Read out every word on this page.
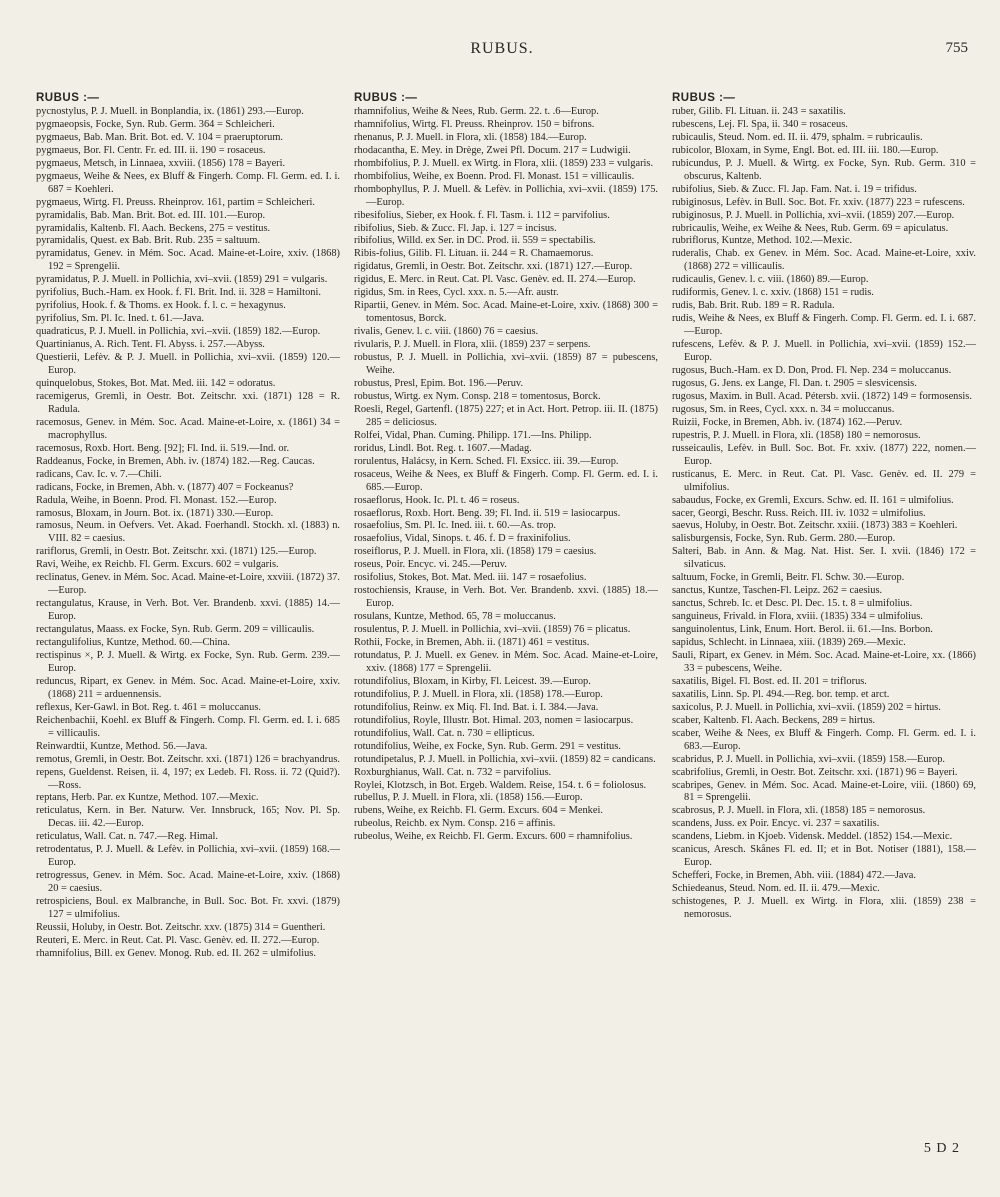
RUBUS.	755
RUBUS :—

pycnostylus, P. J. Muell. in Bonplandia, ix. (1861) 293.—Europ.

pygmaeopsis, Focke, Syn. Rub. Germ. 364 = Schleicheri.

pygmaeus, Bab. Man. Brit. Bot. ed. V. 104 = praeruptorum.

pygmaeus, Bor. Fl. Centr. Fr. ed. III. ii. 190 = rosaceus.

pygmaeus, Metsch, in Linnaea, xxviii. (1856) 178 = Bayeri.

pygmaeus, Weihe & Nees, ex Bluff & Fingerh. Comp. Fl. Germ. ed. I. i. 687 = Koehleri.

pygmaeus, Wirtg. Fl. Preuss. Rheinprov. 161, partim = Schleicheri.

pyramidalis, Bab. Man. Brit. Bot. ed. III. 101.—Europ.

pyramidalis, Kaltenb. Fl. Aach. Beckens, 275 = vestitus.

pyramidalis, Quest. ex Bab. Brit. Rub. 235 = saltuum.

pyramidatus, Genev. in Mém. Soc. Acad. Maine-et-Loire, xxiv. (1868) 192 = Sprengelii.

pyramidatus, P. J. Muell. in Pollichia, xvi–xvii. (1859) 291 = vulgaris.

pyrifolius, Buch.-Ham. ex Hook. f. Fl. Brit. Ind. ii. 328 = Hamiltoni.

pyrifolius, Hook. f. & Thoms. ex Hook. f. l. c. = hexagynus.

pyrifolius, Sm. Pl. Ic. Ined. t. 61.—Java.

quadraticus, P. J. Muell. in Pollichia, xvi.–xvii. (1859) 182.—Europ.

Quartinianus, A. Rich. Tent. Fl. Abyss. i. 257.—Abyss.

Questierii, Lefèv. & P. J. Muell. in Pollichia, xvi–xvii. (1859) 120.—Europ.

quinquelobus, Stokes, Bot. Mat. Med. iii. 142 = odoratus.

racemigerus, Gremli, in Oestr. Bot. Zeitschr. xxi. (1871) 128 = R. Radula.

racemosus, Genev. in Mém. Soc. Acad. Maine-et-Loire, x. (1861) 34 = macrophyllus.

racemosus, Roxb. Hort. Beng. [92]; Fl. Ind. ii. 519.—Ind. or.

Raddeanus, Focke, in Bremen, Abh. iv. (1874) 182.—Reg. Caucas.

radicans, Cav. Ic. v. 7.—Chili.

radicans, Focke, in Bremen, Abh. v. (1877) 407 = Fockeanus?

Radula, Weihe, in Boenn. Prod. Fl. Monast. 152.—Europ.

ramosus, Bloxam, in Journ. Bot. ix. (1871) 330.—Europ.

ramosus, Neum. in Oefvers. Vet. Akad. Foerhandl. Stockh. xl. (1883) n. VIII. 82 = caesius.

rariflorus, Gremli, in Oestr. Bot. Zeitschr. xxi. (1871) 125.—Europ.

Ravi, Weihe, ex Reichb. Fl. Germ. Excurs. 602 = vulgaris.

reclinatus, Genev. in Mém. Soc. Acad. Maine-et-Loire, xxviii. (1872) 37.—Europ.

rectangulatus, Krause, in Verh. Bot. Ver. Brandenb. xxvi. (1885) 14.—Europ.

rectangulatus, Maass. ex Focke, Syn. Rub. Germ. 209 = villicaulis.

rectangulifolius, Kuntze, Method. 60.—China.

rectispinus ×, P. J. Muell. & Wirtg. ex Focke, Syn. Rub. Germ. 239.—Europ.

reduncus, Ripart, ex Genev. in Mém. Soc. Acad. Maine-et-Loire, xxiv. (1868) 211 = arduennensis.

reflexus, Ker-Gawl. in Bot. Reg. t. 461 = moluccanus.

Reichenbachii, Koehl. ex Bluff & Fingerh. Comp. Fl. Germ. ed. I. i. 685 = villicaulis.

Reinwardtii, Kuntze, Method. 56.—Java.

remotus, Gremli, in Oestr. Bot. Zeitschr. xxi. (1871) 126 = brachyandrus.

repens, Gueldenst. Reisen, ii. 4, 197; ex Ledeb. Fl. Ross. ii. 72 (Quid?).—Ross.

reptans, Herb. Par. ex Kuntze, Method. 107.—Mexic.

reticulatus, Kern. in Ber. Naturw. Ver. Innsbruck, 165; Nov. Pl. Sp. Decas. iii. 42.—Europ.

reticulatus, Wall. Cat. n. 747.—Reg. Himal.

retrodentatus, P. J. Muell. & Lefèv. in Pollichia, xvi–xvii. (1859) 168.—Europ.

retrogressus, Genev. in Mém. Soc. Acad. Maine-et-Loire, xxiv. (1868) 20 = caesius.

retrospiciens, Boul. ex Malbranche, in Bull. Soc. Bot. Fr. xxvi. (1879) 127 = ulmifolius.

Reussii, Holuby, in Oestr. Bot. Zeitschr. xxv. (1875) 314 = Guentheri.

Reuteri, E. Merc. in Reut. Cat. Pl. Vasc. Genèv. ed. II. 272.—Europ.

rhamnifolius, Bill. ex Genev. Monog. Rub. ed. II. 262 = ulmifolius.

RUBUS :—

rhamnifolius, Weihe & Nees, Rub. Germ. 22. t. .6—Europ.

rhamnifolius, Wirtg. Fl. Preuss. Rheinprov. 150 = bifrons.

rhenanus, P. J. Muell. in Flora, xli. (1858) 184.—Europ.

rhodacantha, E. Mey. in Drège, Zwei Pfl. Docum. 217 = Ludwigii.

rhombifolius, P. J. Muell. ex Wirtg. in Flora, xlii. (1859) 233 = vulgaris.

rhombifolius, Weihe, ex Boenn. Prod. Fl. Monast. 151 = villicaulis.

rhombophyllus, P. J. Muell. & Lefèv. in Pollichia, xvi–xvii. (1859) 175.—Europ.

ribesifolius, Sieber, ex Hook. f. Fl. Tasm. i. 112 = parvifolius.

ribifolius, Sieb. & Zucc. Fl. Jap. i. 127 = incisus.

ribifolius, Willd. ex Ser. in DC. Prod. ii. 559 = spectabilis.

Ribis-folius, Gilib. Fl. Lituan. ii. 244 = R. Chamaemorus.

rigidatus, Gremli, in Oestr. Bot. Zeitschr. xxi. (1871) 127.—Europ.

rigidus, E. Merc. in Reut. Cat. Pl. Vasc. Genèv. ed. II. 274.—Europ.

rigidus, Sm. in Rees, Cycl. xxx. n. 5.—Afr. austr.

Ripartii, Genev. in Mém. Soc. Acad. Maine-et-Loire, xxiv. (1868) 300 = tomentosus, Borck.

rivalis, Genev. l. c. viii. (1860) 76 = caesius.

rivularis, P. J. Muell. in Flora, xlii. (1859) 237 = serpens.

robustus, P. J. Muell. in Pollichia, xvi–xvii. (1859) 87 = pubescens, Weihe.

robustus, Presl, Epim. Bot. 196.—Peruv.

robustus, Wirtg. ex Nym. Consp. 218 = tomentosus, Borck.

Roesli, Regel, Gartenfl. (1875) 227; et in Act. Hort. Petrop. iii. II. (1875) 285 = deliciosus.

Rolfei, Vidal, Phan. Cuming. Philipp. 171.—Ins. Philipp.

roridus, Lindl. Bot. Reg. t. 1607.—Madag.

rorulentus, Halácsy, in Kern. Sched. Fl. Exsicc. iii. 39.—Europ.

rosaceus, Weihe & Nees, ex Bluff & Fingerh. Comp. Fl. Germ. ed. I. i. 685.—Europ.

rosaeflorus, Hook. Ic. Pl. t. 46 = roseus.

rosaeflorus, Roxb. Hort. Beng. 39; Fl. Ind. ii. 519 = lasiocarpus.

rosaefolius, Sm. Pl. Ic. Ined. iii. t. 60.—As. trop.

rosaefolius, Vidal, Sinops. t. 46. f. D = fraxinifolius.

roseiflorus, P. J. Muell. in Flora, xli. (1858) 179 = caesius.

roseus, Poir. Encyc. vi. 245.—Peruv.

rosifolius, Stokes, Bot. Mat. Med. iii. 147 = rosaefolius.

rostochiensis, Krause, in Verh. Bot. Ver. Brandenb. xxvi. (1885) 18.—Europ.

rosulans, Kuntze, Method. 65, 78 = moluccanus.

rosulentus, P. J. Muell. in Pollichia, xvi–xvii. (1859) 76 = plicatus.

Rothii, Focke, in Bremen, Abh. ii. (1871) 461 = vestitus.

rotundatus, P. J. Muell. ex Genev. in Mém. Soc. Acad. Maine-et-Loire, xxiv. (1868) 177 = Sprengelii.

rotundifolius, Bloxam, in Kirby, Fl. Leicest. 39.—Europ.

rotundifolius, P. J. Muell. in Flora, xli. (1858) 178.—Europ.

rotundifolius, Reinw. ex Miq. Fl. Ind. Bat. i. I. 384.—Java.

rotundifolius, Royle, Illustr. Bot. Himal. 203, nomen = lasiocarpus.

rotundifolius, Wall. Cat. n. 730 = ellipticus.

rotundifolius, Weihe, ex Focke, Syn. Rub. Germ. 291 = vestitus.

rotundipetalus, P. J. Muell. in Pollichia, xvi–xvii. (1859) 82 = candicans.

Roxburghianus, Wall. Cat. n. 732 = parvifolius.

Roylei, Klotzsch, in Bot. Ergeb. Waldem. Reise, 154. t. 6 = foliolosus.

rubellus, P. J. Muell. in Flora, xli. (1858) 156.—Europ.

rubens, Weihe, ex Reichb. Fl. Germ. Excurs. 604 = Menkei.

rubeolus, Reichb. ex Nym. Consp. 216 = affinis.

rubeolus, Weihe, ex Reichb. Fl. Germ. Excurs. 600 = rhamnifolius.

RUBUS :—

ruber, Gilib. Fl. Lituan. ii. 243 = saxatilis.

rubescens, Lej. Fl. Spa, ii. 340 = rosaceus.

rubicaulis, Steud. Nom. ed. II. ii. 479, sphalm. = rubricaulis.

rubicolor, Bloxam, in Syme, Engl. Bot. ed. III. iii. 180.—Europ.

rubicundus, P. J. Muell. & Wirtg. ex Focke, Syn. Rub. Germ. 310 = obscurus, Kaltenb.

rubifolius, Sieb. & Zucc. Fl. Jap. Fam. Nat. i. 19 = trifidus.

rubiginosus, Lefèv. in Bull. Soc. Bot. Fr. xxiv. (1877) 223 = rufescens.

rubiginosus, P. J. Muell. in Pollichia, xvi–xvii. (1859) 207.—Europ.

rubricaulis, Weihe, ex Weihe & Nees, Rub. Germ. 69 = apiculatus.

rubriflorus, Kuntze, Method. 102.—Mexic.

ruderalis, Chab. ex Genev. in Mém. Soc. Acad. Maine-et-Loire, xxiv. (1868) 272 = villicaulis.

rudicaulis, Genev. l. c. viii. (1860) 89.—Europ.

rudiformis, Genev. l. c. xxiv. (1868) 151 = rudis.

rudis, Bab. Brit. Rub. 189 = R. Radula.

rudis, Weihe & Nees, ex Bluff & Fingerh. Comp. Fl. Germ. ed. I. i. 687.—Europ.

rufescens, Lefèv. & P. J. Muell. in Pollichia, xvi–xvii. (1859) 152.—Europ.

rugosus, Buch.-Ham. ex D. Don, Prod. Fl. Nep. 234 = moluccanus.

rugosus, G. Jens. ex Lange, Fl. Dan. t. 2905 = slesvicensis.

rugosus, Maxim. in Bull. Acad. Pétersb. xvii. (1872) 149 = formosensis.

rugosus, Sm. in Rees, Cycl. xxx. n. 34 = moluccanus.

Ruizii, Focke, in Bremen, Abh. iv. (1874) 162.—Peruv.

rupestris, P. J. Muell. in Flora, xli. (1858) 180 = nemorosus.

russeicaulis, Lefèv. in Bull. Soc. Bot. Fr. xxiv. (1877) 222, nomen.—Europ.

rusticanus, E. Merc. in Reut. Cat. Pl. Vasc. Genèv. ed. II. 279 = ulmifolius.

sabaudus, Focke, ex Gremli, Excurs. Schw. ed. II. 161 = ulmifolius.

sacer, Georgi, Beschr. Russ. Reich. III. iv. 1032 = ulmifolius.

saevus, Holuby, in Oestr. Bot. Zeitschr. xxiii. (1873) 383 = Koehleri.

salisburgensis, Focke, Syn. Rub. Germ. 280.—Europ.

Salteri, Bab. in Ann. & Mag. Nat. Hist. Ser. I. xvii. (1846) 172 = silvaticus.

saltuum, Focke, in Gremli, Beitr. Fl. Schw. 30.—Europ.

sanctus, Kuntze, Taschen-Fl. Leipz. 262 = caesius.

sanctus, Schreb. Ic. et Desc. Pl. Dec. 15. t. 8 = ulmifolius.

sanguineus, Frivald. in Flora, xviii. (1835) 334 = ulmifolius.

sanguinolentus, Link, Enum. Hort. Berol. ii. 61.—Ins. Borbon.

sapidus, Schlecht. in Linnaea, xiii. (1839) 269.—Mexic.

Sauli, Ripart, ex Genev. in Mém. Soc. Acad. Maine-et-Loire, xx. (1866) 33 = pubescens, Weihe.

saxatilis, Bigel. Fl. Bost. ed. II. 201 = triflorus.

saxatilis, Linn. Sp. Pl. 494.—Reg. bor. temp. et arct.

saxicolus, P. J. Muell. in Pollichia, xvi–xvii. (1859) 202 = hirtus.

scaber, Kaltenb. Fl. Aach. Beckens, 289 = hirtus.

scaber, Weihe & Nees, ex Bluff & Fingerh. Comp. Fl. Germ. ed. I. i. 683.—Europ.

scabridus, P. J. Muell. in Pollichia, xvi–xvii. (1859) 158.—Europ.

scabrifolius, Gremli, in Oestr. Bot. Zeitschr. xxi. (1871) 96 = Bayeri.

scabripes, Genev. in Mém. Soc. Acad. Maine-et-Loire, viii. (1860) 69, 81 = Sprengelii.

scabrosus, P. J. Muell. in Flora, xli. (1858) 185 = nemorosus.

scandens, Juss. ex Poir. Encyc. vi. 237 = saxatilis.

scandens, Liebm. in Kjoeb. Vidensk. Meddel. (1852) 154.—Mexic.

scanicus, Aresch. Skånes Fl. ed. II; et in Bot. Notiser (1881), 158.—Europ.

Schefferi, Focke, in Bremen, Abh. viii. (1884) 472.—Java.

Schiedeanus, Steud. Nom. ed. II. ii. 479.—Mexic.

schistogenes, P. J. Muell. ex Wirtg. in Flora, xlii. (1859) 238 = nemorosus.

5 D 2
